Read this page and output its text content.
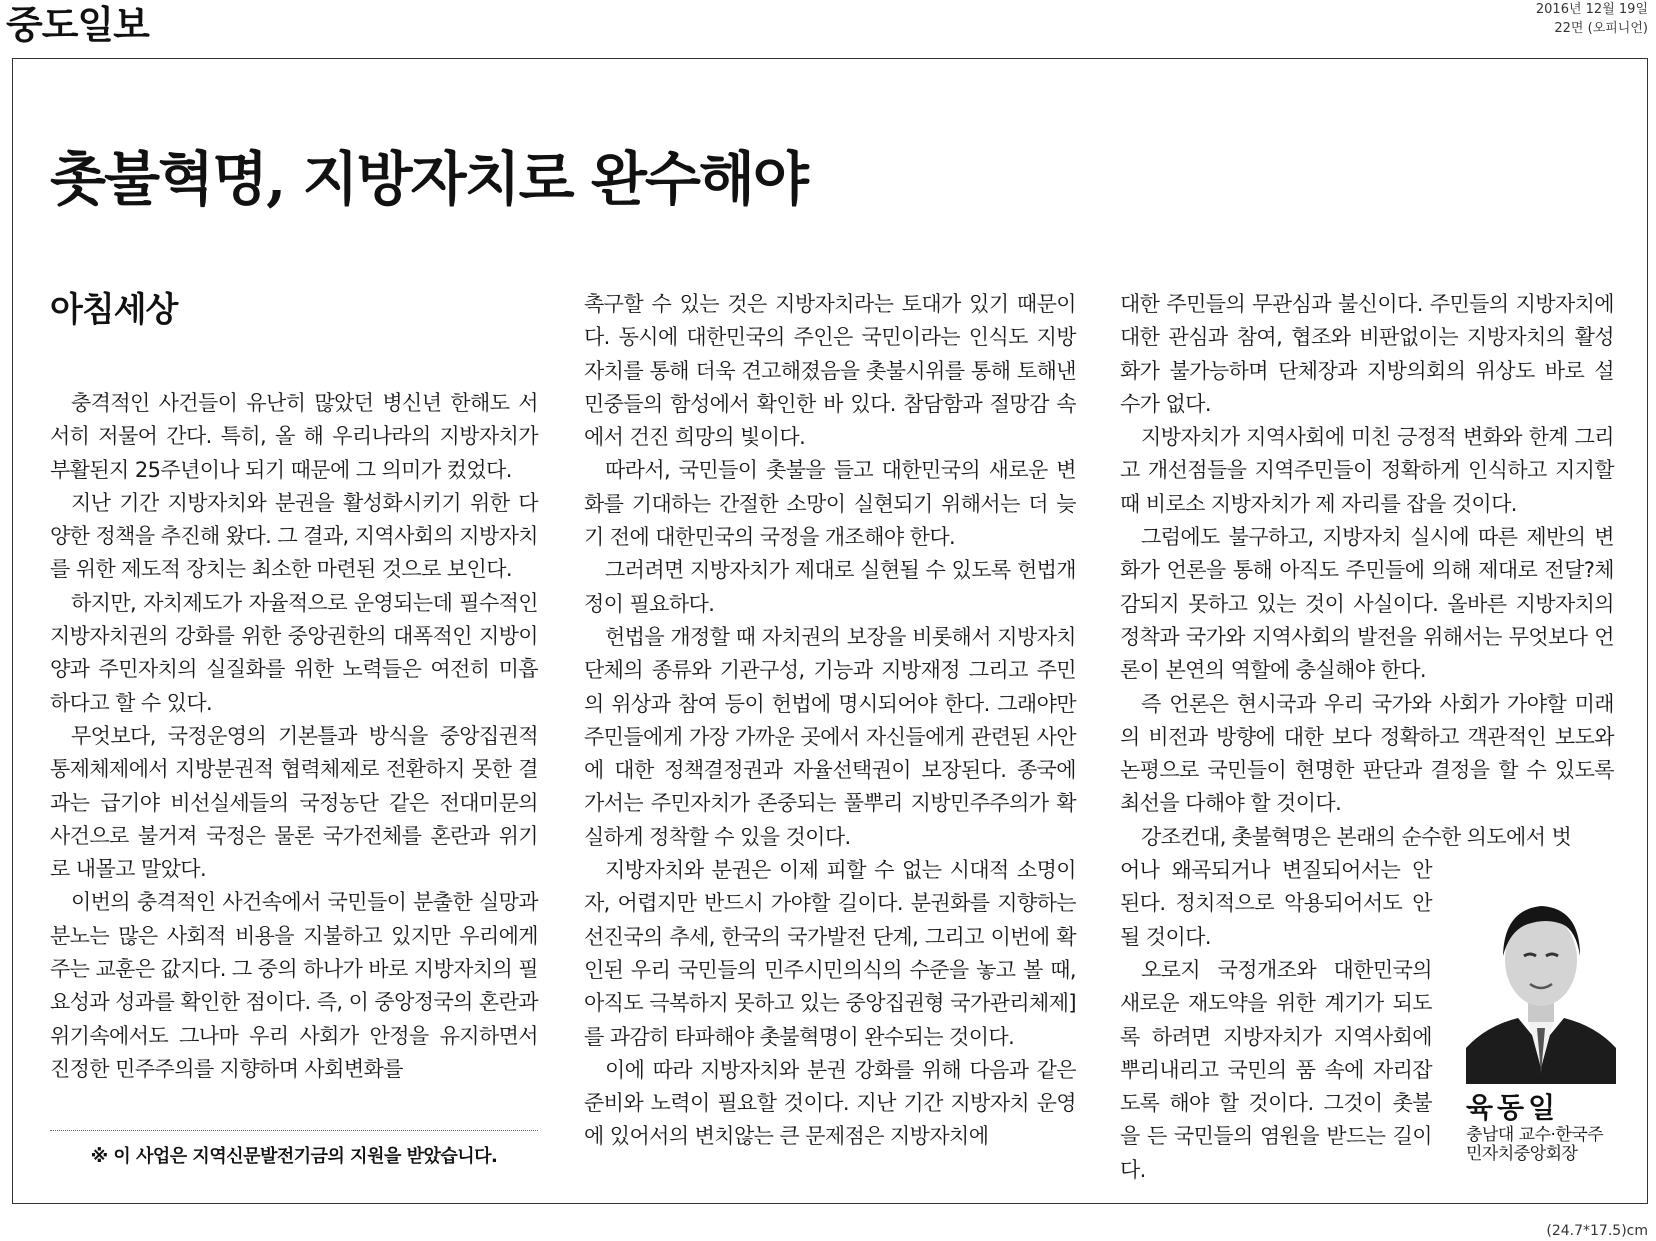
중도일보	2016년 12월 19일
22면 (오피니언)
촛불혁명, 지방자치로 완수해야
아침세상

충격적인 사건들이 유난히 많았던 병신년 한해도 서서히 저물어 간다. 특히, 올 해 우리나라의 지방자치가 부활된지 25주년이나 되기 때문에 그 의미가 컸었다.

지난 기간 지방자치와 분권을 활성화시키기 위한 다양한 정책을 추진해 왔다. 그 결과, 지역사회의 지방자치를 위한 제도적 장치는 최소한 마련된 것으로 보인다.

하지만, 자치제도가 자율적으로 운영되는데 필수적인 지방자치권의 강화를 위한 중앙권한의 대폭적인 지방이양과 주민자치의 실질화를 위한 노력들은 여전히 미흡하다고 할 수 있다.

무엇보다, 국정운영의 기본틀과 방식을 중앙집권적 통제체제에서 지방분권적 협력체제로 전환하지 못한 결과는 급기야 비선실세들의 국정농단 같은 전대미문의 사건으로 불거져 국정은 물론 국가전체를 혼란과 위기로 내몰고 말았다.

이번의 충격적인 사건속에서 국민들이 분출한 실망과 분노는 많은 사회적 비용을 지불하고 있지만 우리에게 주는 교훈은 값지다. 그 중의 하나가 바로 지방자치의 필요성과 성과를 확인한 점이다. 즉, 이 중앙정국의 혼란과 위기속에서도 그나마 우리 사회가 안정을 유지하면서 진정한 민주주의를 지향하며 사회변화를

※ 이 사업은 지역신문발전기금의 지원을 받았습니다.

촉구할 수 있는 것은 지방자치라는 토대가 있기 때문이다. 동시에 대한민국의 주인은 국민이라는 인식도 지방자치를 통해 더욱 견고해졌음을 촛불시위를 통해 토해낸 민중들의 함성에서 확인한 바 있다. 참담함과 절망감 속에서 건진 희망의 빛이다.

따라서, 국민들이 촛불을 들고 대한민국의 새로운 변화를 기대하는 간절한 소망이 실현되기 위해서는 더 늦기 전에 대한민국의 국정을 개조해야 한다.

그러려면 지방자치가 제대로 실현될 수 있도록 헌법개정이 필요하다.

헌법을 개정할 때 자치권의 보장을 비롯해서 지방자치단체의 종류와 기관구성, 기능과 지방재정 그리고 주민의 위상과 참여 등이 헌법에 명시되어야 한다. 그래야만 주민들에게 가장 가까운 곳에서 자신들에게 관련된 사안에 대한 정책결정권과 자율선택권이 보장된다. 종국에 가서는 주민자치가 존중되는 풀뿌리 지방민주주의가 확실하게 정착할 수 있을 것이다.

지방자치와 분권은 이제 피할 수 없는 시대적 소명이자, 어렵지만 반드시 가야할 길이다. 분권화를 지향하는 선진국의 추세, 한국의 국가발전 단계, 그리고 이번에 확인된 우리 국민들의 민주시민의식의 수준을 놓고 볼 때, 아직도 극복하지 못하고 있는 중앙집권형 국가관리체제]를 과감히 타파해야 촛불혁명이 완수되는 것이다.

이에 따라 지방자치와 분권 강화를 위해 다음과 같은 준비와 노력이 필요할 것이다. 지난 기간 지방자치 운영에 있어서의 변치않는 큰 문제점은 지방자치에

대한 주민들의 무관심과 불신이다. 주민들의 지방자치에 대한 관심과 참여, 협조와 비판없이는 지방자치의 활성화가 불가능하며 단체장과 지방의회의 위상도 바로 설 수가 없다.

지방자치가 지역사회에 미친 긍정적 변화와 한계 그리고 개선점들을 지역주민들이 정확하게 인식하고 지지할 때 비로소 지방자치가 제 자리를 잡을 것이다.

그럼에도 불구하고, 지방자치 실시에 따른 제반의 변화가 언론을 통해 아직도 주민들에 의해 제대로 전달?체감되지 못하고 있는 것이 사실이다. 올바른 지방자치의 정착과 국가와 지역사회의 발전을 위해서는 무엇보다 언론이 본연의 역할에 충실해야 한다.

즉 언론은 현시국과 우리 국가와 사회가 가야할 미래의 비전과 방향에 대한 보다 정확하고 객관적인 보도와 논평으로 국민들이 현명한 판단과 결정을 할 수 있도록 최선을 다해야 할 것이다.

강조컨대, 촛불혁명은 본래의 순수한 의도에서 벗

어나 왜곡되거나 변질되어서는 안된다. 정치적으로 악용되어서도 안될 것이다.

오로지 국정개조와 대한민국의 새로운 재도약을 위한 계기가 되도록 하려면 지방자치가 지역사회에 뿌리내리고 국민의 품 속에 자리잡도록 해야 할 것이다. 그것이 촛불을 든 국민들의 염원을 받드는 길이다.

육동일
충남대 교수·한국주민자치중앙회장
(24.7*17.5)cm
